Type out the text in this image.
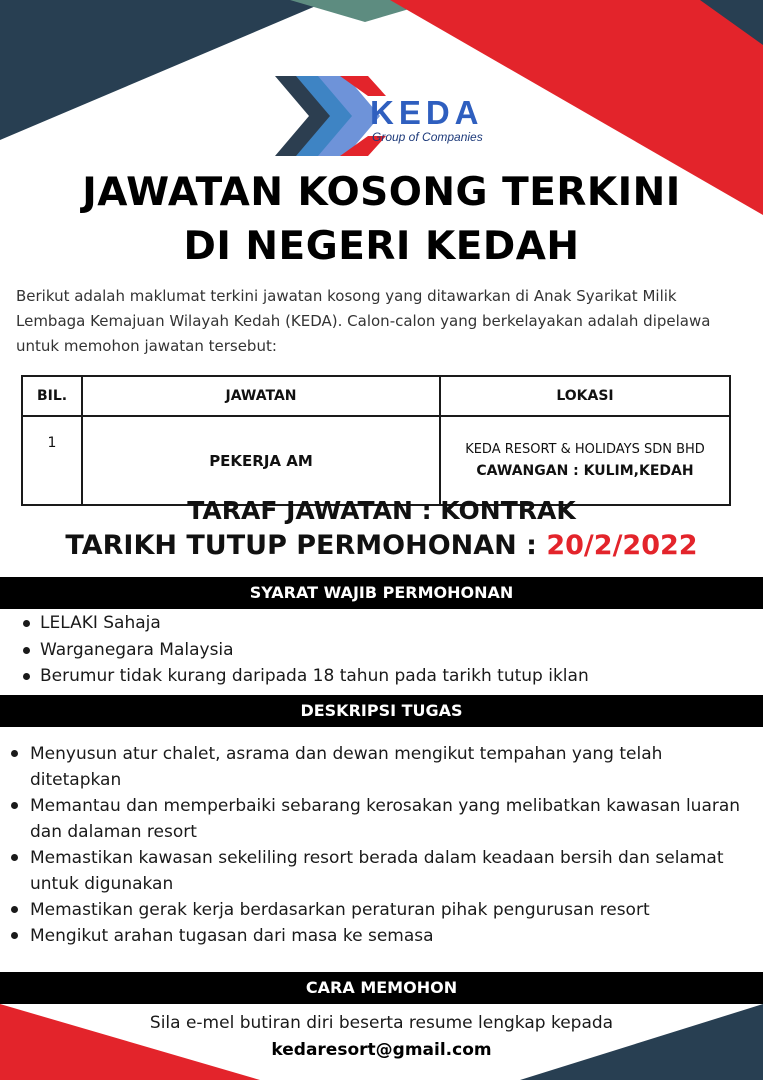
KEDA
Group of Companies
JAWATAN KOSONG TERKINI
DI NEGERI KEDAH
Berikut adalah maklumat terkini jawatan kosong yang ditawarkan di Anak Syarikat Milik Lembaga Kemajuan Wilayah Kedah (KEDA). Calon-calon yang berkelayakan adalah dipelawa untuk memohon jawatan tersebut:
BIL.	JAWATAN	LOKASI
1	PEKERJA AM	KEDA RESORT & HOLIDAYS SDN BHD
CAWANGAN : KULIM,KEDAH
TARAF JAWATAN : KONTRAK
TARIKH TUTUP PERMOHONAN : 20/2/2022
SYARAT WAJIB PERMOHONAN
LELAKI Sahaja
Warganegara Malaysia
Berumur tidak kurang daripada 18 tahun pada tarikh tutup iklan
DESKRIPSI TUGAS
Menyusun atur chalet, asrama dan dewan mengikut tempahan yang telah ditetapkan
Memantau dan memperbaiki sebarang kerosakan yang melibatkan kawasan luaran dan dalaman resort
Memastikan kawasan sekeliling resort berada dalam keadaan bersih dan selamat untuk digunakan
Memastikan gerak kerja berdasarkan peraturan pihak pengurusan resort
Mengikut arahan tugasan dari masa ke semasa
CARA MEMOHON
Sila e-mel butiran diri beserta resume lengkap kepada
kedaresort@gmail.com
